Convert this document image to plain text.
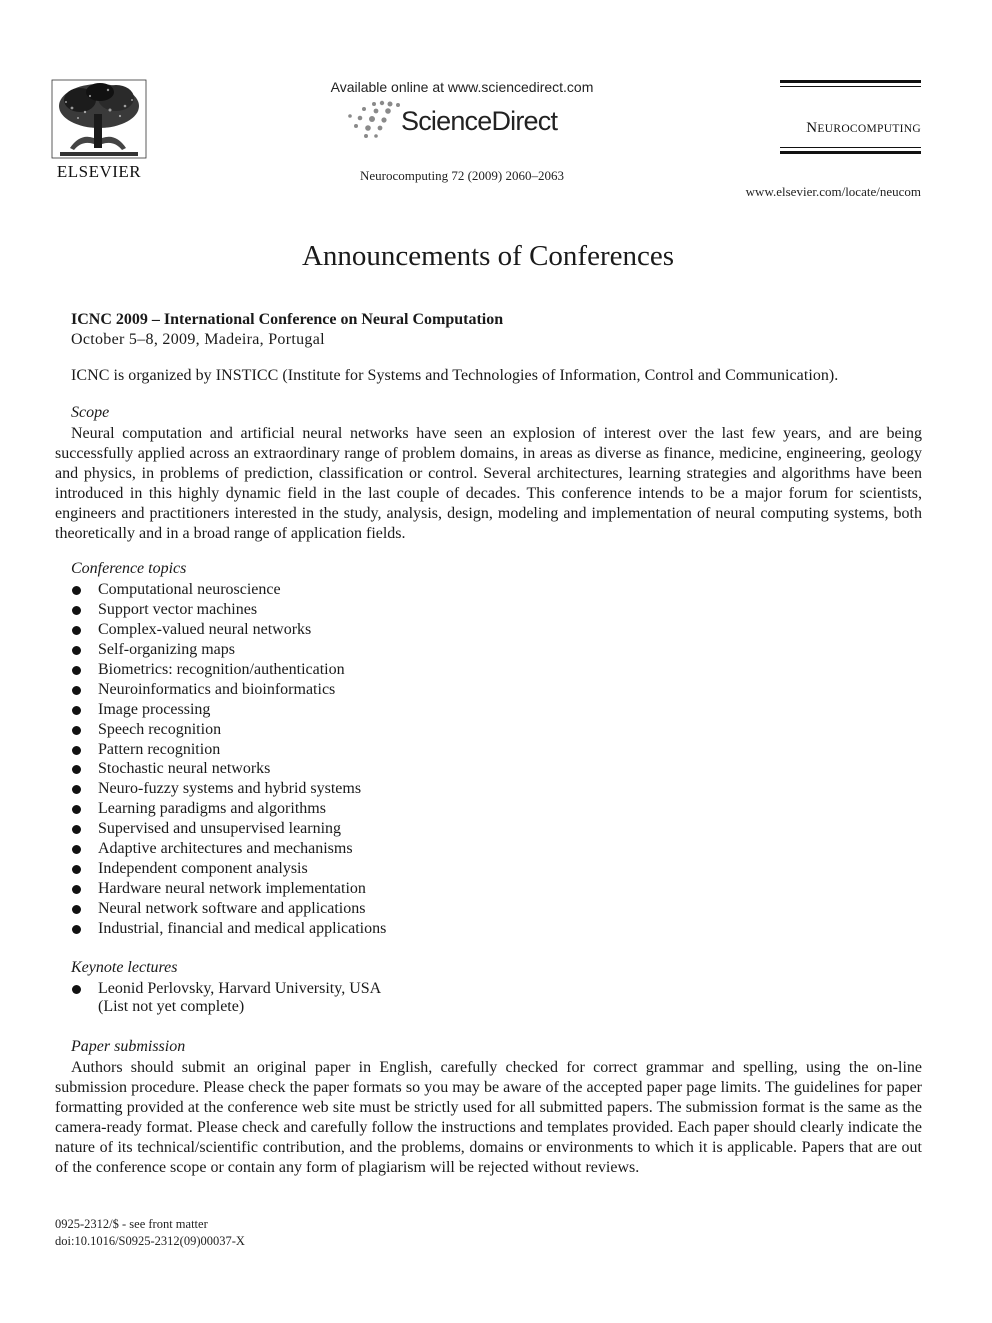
ELSEVIER
Available online at www.sciencedirect.com
ScienceDirect
Neurocomputing 72 (2009) 2060–2063
NEUROCOMPUTING
www.elsevier.com/locate/neucom
Announcements of Conferences
ICNC 2009 – International Conference on Neural Computation
October 5–8, 2009, Madeira, Portugal
ICNC is organized by INSTICC (Institute for Systems and Technologies of Information, Control and Communication).
Scope

Neural computation and artificial neural networks have seen an explosion of interest over the last few years, and are being successfully applied across an extraordinary range of problem domains, in areas as diverse as finance, medicine, engineering, geology and physics, in problems of prediction, classification or control. Several architectures, learning strategies and algorithms have been introduced in this highly dynamic field in the last couple of decades. This conference intends to be a major forum for scientists, engineers and practitioners interested in the study, analysis, design, modeling and implementation of neural computing systems, both theoretically and in a broad range of application fields.

Conference topics
Computational neuroscience
Support vector machines
Complex-valued neural networks
Self-organizing maps
Biometrics: recognition/authentication
Neuroinformatics and bioinformatics
Image processing
Speech recognition
Pattern recognition
Stochastic neural networks
Neuro-fuzzy systems and hybrid systems
Learning paradigms and algorithms
Supervised and unsupervised learning
Adaptive architectures and mechanisms
Independent component analysis
Hardware neural network implementation
Neural network software and applications
Industrial, financial and medical applications
Keynote lectures
Leonid Perlovsky, Harvard University, USA
(List not yet complete)
Paper submission

Authors should submit an original paper in English, carefully checked for correct grammar and spelling, using the on-line submission procedure. Please check the paper formats so you may be aware of the accepted paper page limits. The guidelines for paper formatting provided at the conference web site must be strictly used for all submitted papers. The submission format is the same as the camera-ready format. Please check and carefully follow the instructions and templates provided. Each paper should clearly indicate the nature of its technical/scientific contribution, and the problems, domains or environments to which it is applicable. Papers that are out of the conference scope or contain any form of plagiarism will be rejected without reviews.

0925-2312/$ - see front matter
doi:10.1016/S0925-2312(09)00037-X
